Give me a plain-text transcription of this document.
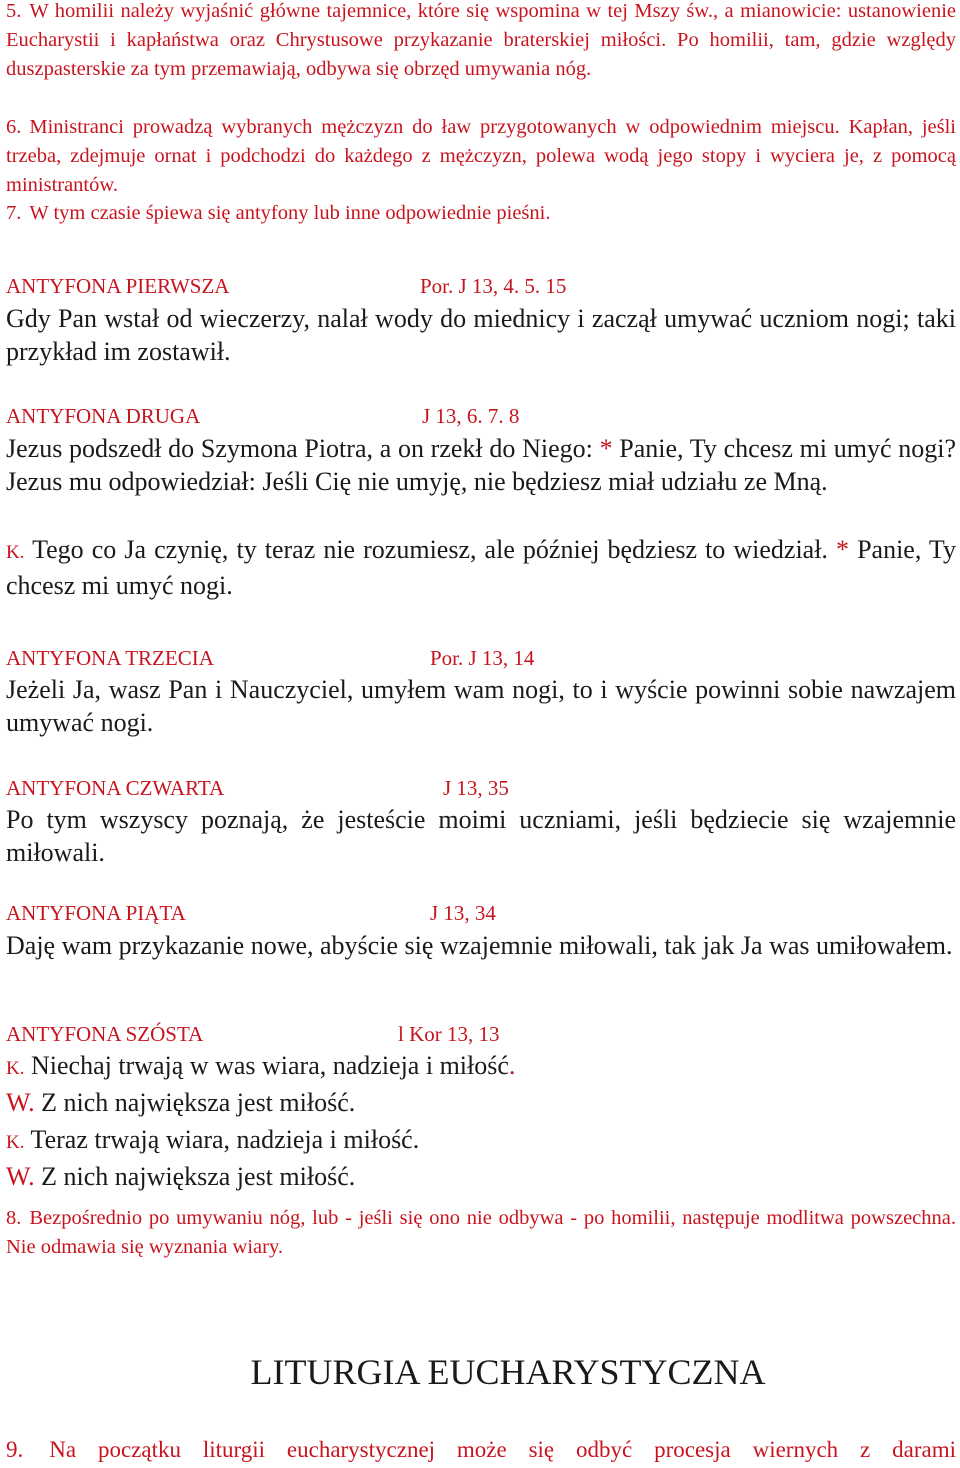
5. W homilii należy wyjaśnić główne tajemnice, które się wspomina w tej Mszy św., a mianowicie: ustanowienie Eucharystii i kapłaństwa oraz Chrystusowe przykazanie braterskiej miłości. Po homilii, tam, gdzie względy duszpasterskie za tym przemawiają, odbywa się obrzęd umywania nóg.

6. Ministranci prowadzą wybranych mężczyzn do ław przygotowanych w odpowiednim miejscu. Kapłan, jeśli trzeba, zdejmuje ornat i podchodzi do każdego z mężczyzn, polewa wodą jego stopy i wyciera je, z pomocą ministrantów.

7. W tym czasie śpiewa się antyfony lub inne odpowiednie pieśni.

ANTYFONA PIERWSZA	Por. J 13, 4. 5. 15

Gdy Pan wstał od wieczerzy, nalał wody do miednicy i zaczął umywać uczniom nogi; taki przykład im zostawił.

ANTYFONA DRUGA	J 13, 6. 7. 8

Jezus podszedł do Szymona Piotra, a on rzekł do Niego: * Panie, Ty chcesz mi umyć nogi? Jezus mu odpowiedział: Jeśli Cię nie umyję, nie będziesz miał udziału ze Mną.

K. Tego co Ja czynię, ty teraz nie rozumiesz, ale później będziesz to wiedział. * Panie, Ty chcesz mi umyć nogi.

ANTYFONA TRZECIA	Por. J 13, 14

Jeżeli Ja, wasz Pan i Nauczyciel, umyłem wam nogi, to i wyście powinni sobie nawzajem umywać nogi.

ANTYFONA CZWARTA	J 13, 35

Po tym wszyscy poznają, że jesteście moimi uczniami, jeśli będziecie się wzajemnie miłowali.

ANTYFONA PIĄTA	J 13, 34

Daję wam przykazanie nowe, abyście się wzajemnie miłowali, tak jak Ja was umiłowałem.

ANTYFONA SZÓSTA	l Kor 13, 13

K. Niechaj trwają w was wiara, nadzieja i miłość.

W. Z nich największa jest miłość.

K. Teraz trwają wiara, nadzieja i miłość.

W. Z nich największa jest miłość.

8. Bezpośrednio po umywaniu nóg, lub - jeśli się ono nie odbywa - po homilii, następuje modlitwa powszechna. Nie odmawia się wyznania wiary.

LITURGIA EUCHARYSTYCZNA

9. Na początku liturgii eucharystycznej może się odbyć procesja wiernych z darami
